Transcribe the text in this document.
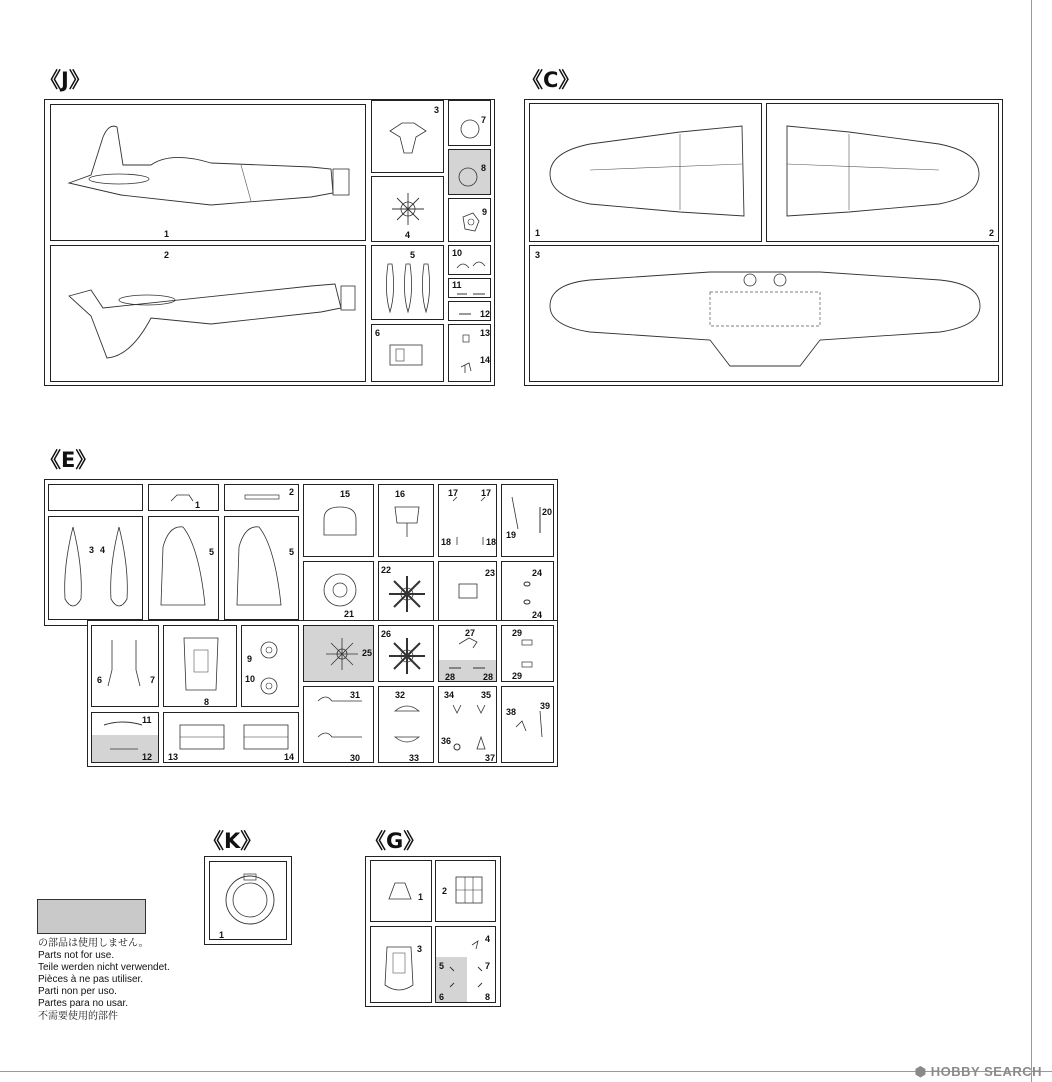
《J》
1
2
3
4
5
6
7
8
9
10
11
12
13
14
《C》
1	2
3
《E》
1
2
3 4	5	5
6	7
8
9
10
11
12 13	14
15	16	17	17
18	18
19
20
21
22	23	24
24
25
26	27
28	28
29
29
31
30
32
33
34	35
36
37
38
39
《K》
1
《G》
1
2
3
4
5
6
7
8
の部品は使用しません。
Parts not for use.
Teile werden nicht verwendet.
Pièces à ne pas utiliser.
Parti non per uso.
Partes para no usar.
不需要使用的部件
⬢ HOBBY SEARCH
